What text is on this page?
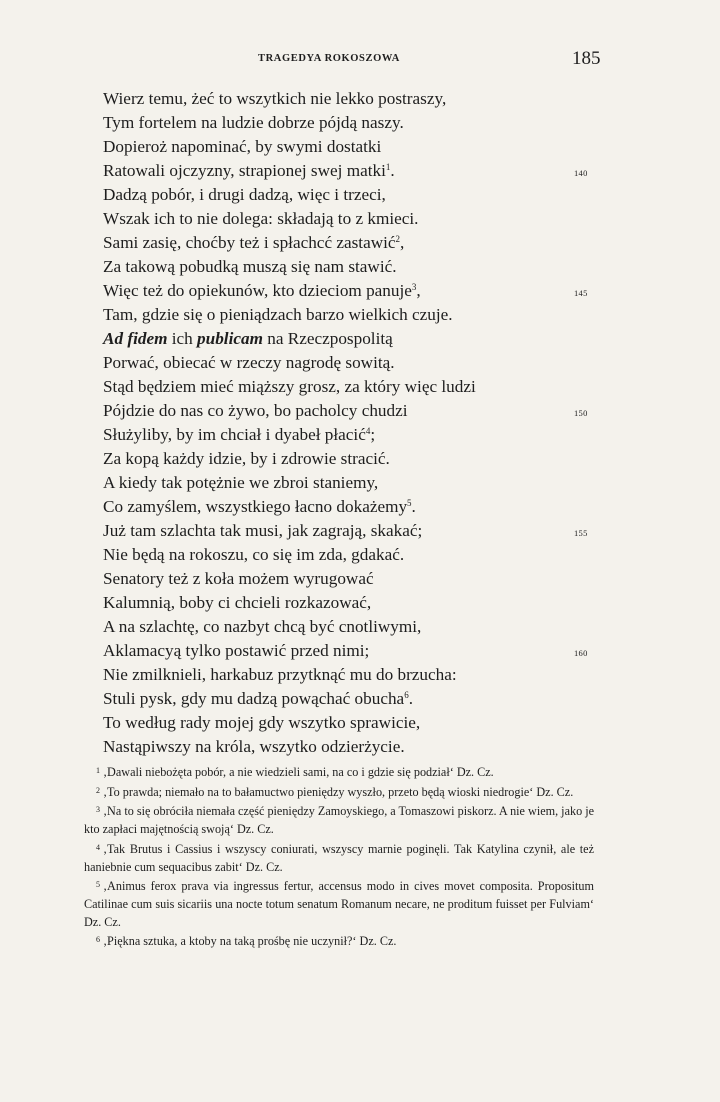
TRAGEDYA ROKOSZOWA	185
Wierz temu, żeć to wszytkich nie lekko postraszy,
Tym fortelem na ludzie dobrze pójdą naszy.
Dopieroż napominać, by swymi dostatki
Ratowali ojczyzny, strapionej swej matki$^1$.	140
Dadzą pobór, i drugi dadzą, więc i trzeci,
Wszak ich to nie dolega: składają to z kmieci.
Sami zasię, choćby też i spłachcć zastawić$^2$,
Za takową pobudką muszą się nam stawić.
Więc też do opiekunów, kto dzieciom panuje$^3$,	145
Tam, gdzie się o pieniądzach barzo wielkich czuje.
Ad fidem ich publicam na Rzeczpospolitą
Porwać, obiecać w rzeczy nagrodę sowitą.
Stąd będziem mieć miąższy grosz, za który więc ludzi
Pójdzie do nas co żywo, bo pacholcy chudzi	150
Służyliby, by im chciał i dyabeł płacić$^4$;
Za kopą każdy idzie, by i zdrowie stracić.
A kiedy tak potężnie we zbroi staniemy,
Co zamyślem, wszystkiego łacno dokażemy$^5$.
Już tam szlachta tak musi, jak zagrają, skakać;	155
Nie będą na rokoszu, co się im zda, gdakać.
Senatory też z koła możem wyrugować
Kalumnią, boby ci chcieli rozkazować,
A na szlachtę, co nazbyt chcą być cnotliwymi,
Aklamacyą tylko postawić przed nimi;	160
Nie zmilknieli, harkabuz przytknąć mu do brzucha:
Stuli pysk, gdy mu dadzą powąchać obucha$^6$.
To według rady mojej gdy wszytko sprawicie,
Nastąpiwszy na króla, wszytko odzierżycie.

$^1$ ‚Dawali niebożęta pobór, a nie wiedzieli sami, na co i gdzie się podział‘ Dz. Cz.

$^2$ ‚To prawda; niemało na to bałamuctwo pieniędzy wyszło, przeto będą wioski niedrogie‘ Dz. Cz.

$^3$ ‚Na to się obróciła niemała część pieniędzy Zamoyskiego, a Tomaszowi piskorz. A nie wiem, jako je kto zapłaci majętnością swoją‘ Dz. Cz.

$^4$ ‚Tak Brutus i Cassius i wszyscy coniurati, wszyscy marnie poginęli. Tak Katylina czynił, ale też haniebnie cum sequacibus zabit‘ Dz. Cz.

$^5$ ‚Animus ferox prava via ingressus fertur, accensus modo in cives movet composita. Propositum Catilinae cum suis sicariis una nocte totum senatum Romanum necare, ne proditum fuisset per Fulviam‘ Dz. Cz.

$^6$ ‚Piękna sztuka, a ktoby na taką prośbę nie uczynił?‘ Dz. Cz.
